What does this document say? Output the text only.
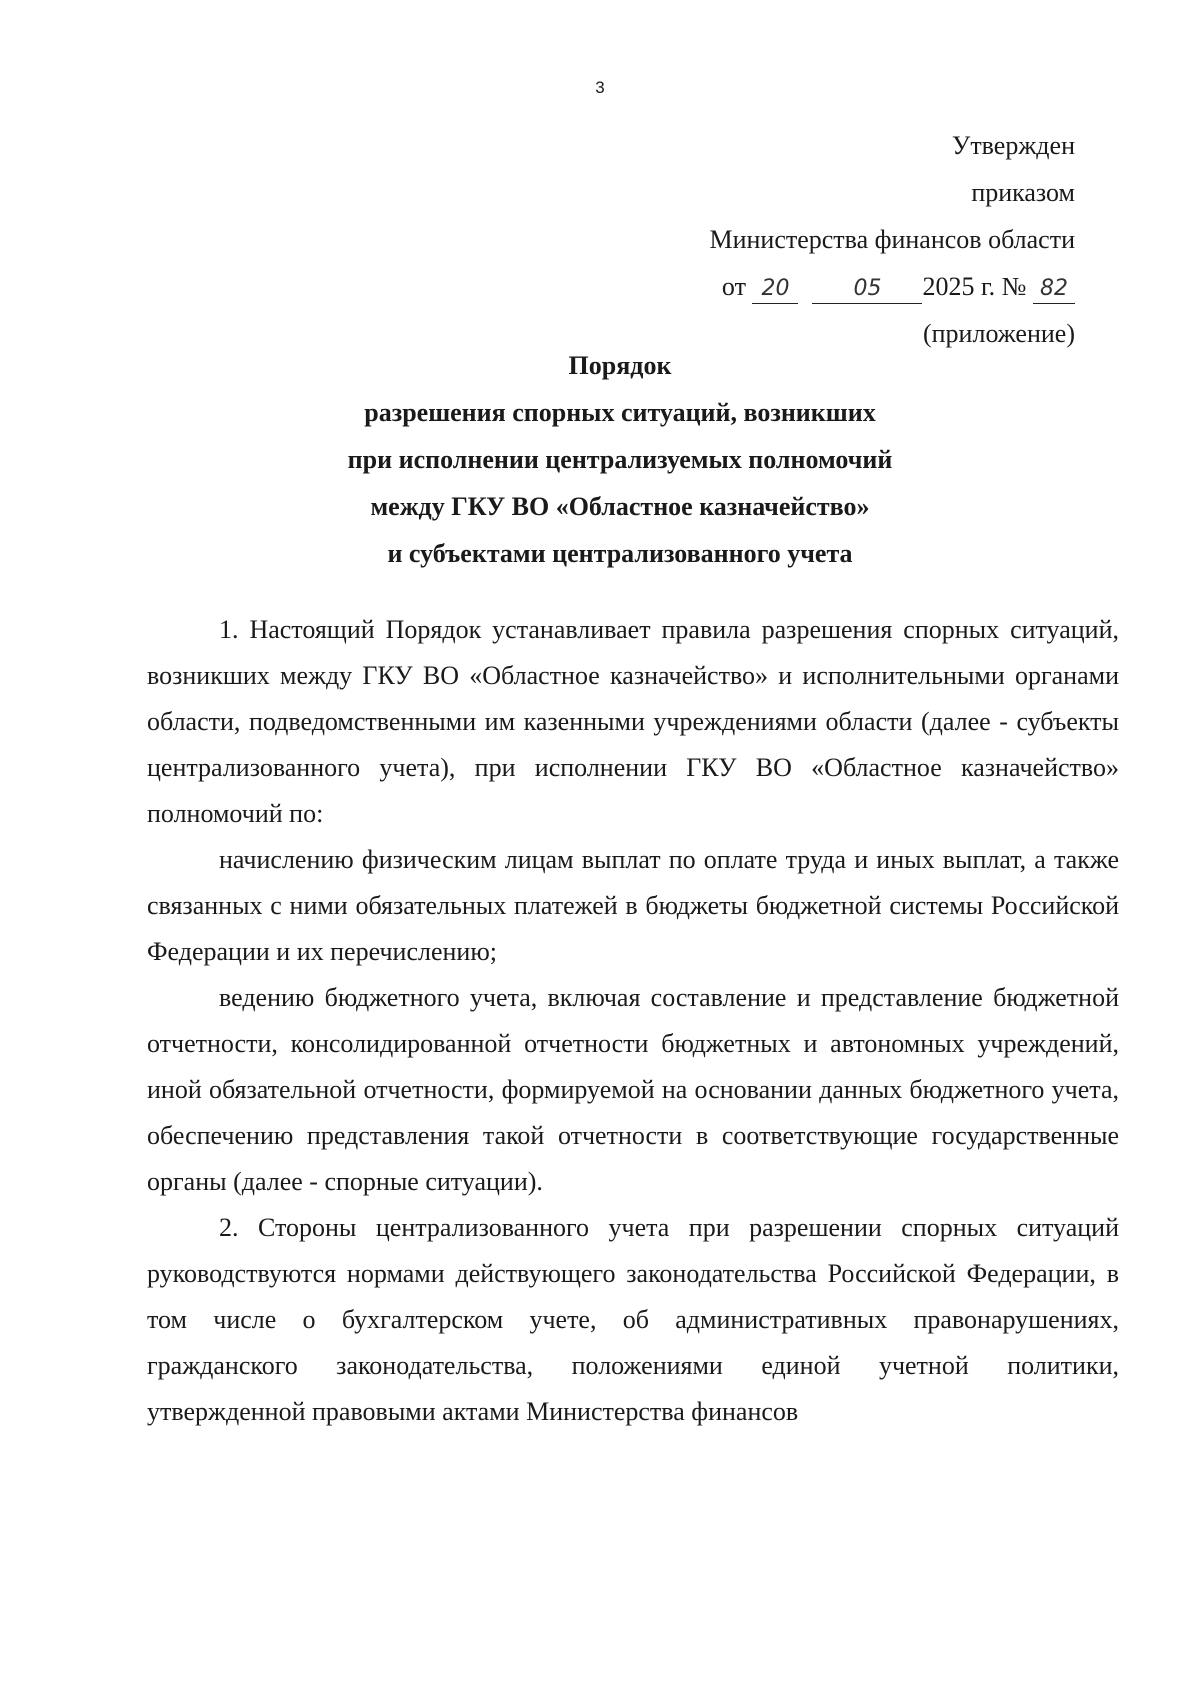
3
Утвержден
приказом
Министерства финансов области
от 20	05 2025 г. № 82
(приложение)
Порядок
разрешения спорных ситуаций, возникших
при исполнении централизуемых полномочий
между ГКУ ВО «Областное казначейство»
и субъектами централизованного учета

1. Настоящий Порядок устанавливает правила разрешения спорных ситуаций, возникших между ГКУ ВО «Областное казначейство» и исполнительными органами области, подведомственными им казенными учреждениями области (далее - субъекты централизованного учета), при исполнении ГКУ ВО «Областное казначейство» полномочий по:

начислению физическим лицам выплат по оплате труда и иных выплат, а также связанных с ними обязательных платежей в бюджеты бюджетной системы Российской Федерации и их перечислению;

ведению бюджетного учета, включая составление и представление бюджетной отчетности, консолидированной отчетности бюджетных и автономных учреждений, иной обязательной отчетности, формируемой на основании данных бюджетного учета, обеспечению представления такой отчетности в соответствующие государственные органы (далее - спорные ситуации).

2. Стороны централизованного учета при разрешении спорных ситуаций руководствуются нормами действующего законодательства Российской Федерации, в том числе о бухгалтерском учете, об административных правонарушениях, гражданского законодательства, положениями единой учетной политики, утвержденной правовыми актами Министерства финансов
